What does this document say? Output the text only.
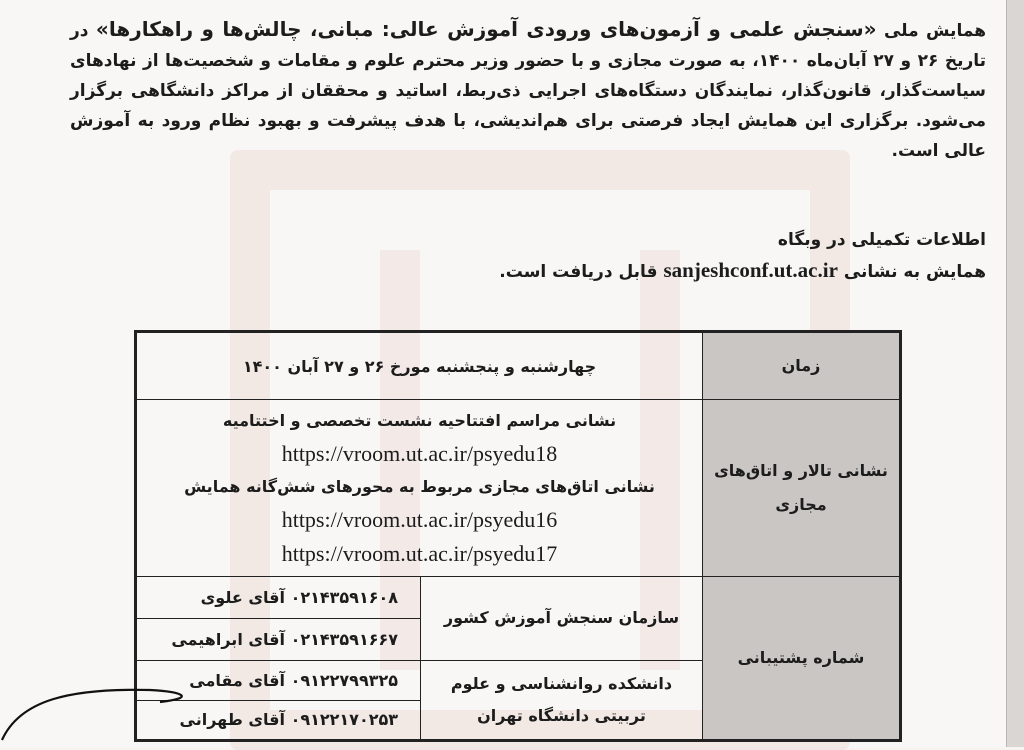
همایش ملی «سنجش علمی و آزمون‌های ورودی آموزش عالی: مبانی، چالش‌ها و راهکارها» در تاریخ ۲۶ و ۲۷ آبان‌ماه ۱۴۰۰، به صورت مجازی و با حضور وزیر محترم علوم و مقامات و شخصیت‌ها از نهادهای سیاست‌گذار، قانون‌گذار، نمایندگان دستگاه‌های اجرایی ذی‌ربط، اساتید و محققان از مراکز دانشگاهی برگزار می‌شود. برگزاری این همایش ایجاد فرصتی برای هم‌اندیشی، با هدف پیشرفت و بهبود نظام ورود به آموزش عالی است.
اطلاعات تکمیلی در وبگاه
همایش به نشانی sanjeshconf.ut.ac.ir قابل دریافت است.
زمان	چهارشنبه و پنجشنبه مورخ ۲۶ و ۲۷ آبان ۱۴۰۰	
نشانی تالار و اتاق‌های مجازی	نشانی مراسم افتتاحیه نشست تخصصی و اختتامیه
https://vroom.ut.ac.ir/psyedu18
نشانی اتاق‌های مجازی مربوط به محورهای شش‌گانه همایش
https://vroom.ut.ac.ir/psyedu16
https://vroom.ut.ac.ir/psyedu17	

شماره پشتیبانی	سازمان سنجش آموزش کشور	۰۲۱۴۳۵۹۱۶۰۸ آقای علوی
		۰۲۱۴۳۵۹۱۶۶۷ آقای ابراهیمی

	دانشکده روانشناسی و علوم
تربیتی دانشگاه تهران	۰۹۱۲۲۷۹۹۳۲۵ آقای مقامی
		۰۹۱۲۲۱۷۰۲۵۳ آقای طهرانی
